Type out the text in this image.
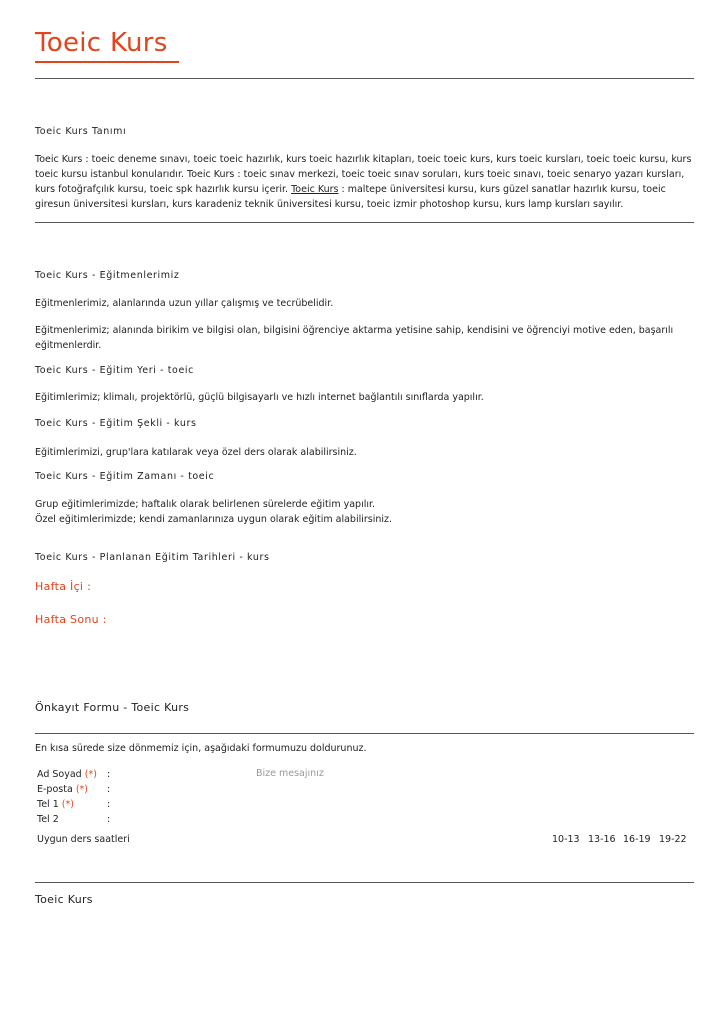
Toeic Kurs
Toeic Kurs Tanımı
Toeic Kurs : toeic deneme sınavı, toeic toeic hazırlık, kurs toeic hazırlık kitapları, toeic toeic kurs, kurs toeic kursları, toeic toeic kursu, kurs toeic kursu istanbul konularıdır. Toeic Kurs : toeic sınav merkezi, toeic toeic sınav soruları, kurs toeic sınavı, toeic senaryo yazarı kursları, kurs fotoğrafçılık kursu, toeic spk hazırlık kursu içerir. Toeic Kurs : maltepe üniversitesi kursu, kurs güzel sanatlar hazırlık kursu, toeic giresun üniversitesi kursları, kurs karadeniz teknik üniversitesi kursu, toeic izmir photoshop kursu, kurs lamp kursları sayılır.
Toeic Kurs - Eğitmenlerimiz
Eğitmenlerimiz, alanlarında uzun yıllar çalışmış ve tecrübelidir.
Eğitmenlerimiz; alanında birikim ve bilgisi olan, bilgisini öğrenciye aktarma yetisine sahip, kendisini ve öğrenciyi motive eden, başarılı eğitmenlerdir.
Toeic Kurs - Eğitim Yeri - toeic
Eğitimlerimiz; klimalı, projektörlü, güçlü bilgisayarlı ve hızlı internet bağlantılı sınıflarda yapılır.
Toeic Kurs - Eğitim Şekli - kurs
Eğitimlerimizi, grup'lara katılarak veya özel ders olarak alabilirsiniz.
Toeic Kurs - Eğitim Zamanı - toeic
Grup eğitimlerimizde; haftalık olarak belirlenen sürelerde eğitim yapılır.
Özel eğitimlerimizde; kendi zamanlarınıza uygun olarak eğitim alabilirsiniz.
Toeic Kurs - Planlanan Eğitim Tarihleri - kurs
Hafta İçi :
Hafta Sonu :
Önkayıt Formu - Toeic Kurs
En kısa sürede size dönmemiz için, aşağıdaki formumuzu doldurunuz.
Ad Soyad (*) :
E-posta (*) :
Tel 1 (*)	:
Tel 2	:
Bize mesajınız
Uygun ders saatleri	10-13 13-16 16-19 19-22
Toeic Kurs
